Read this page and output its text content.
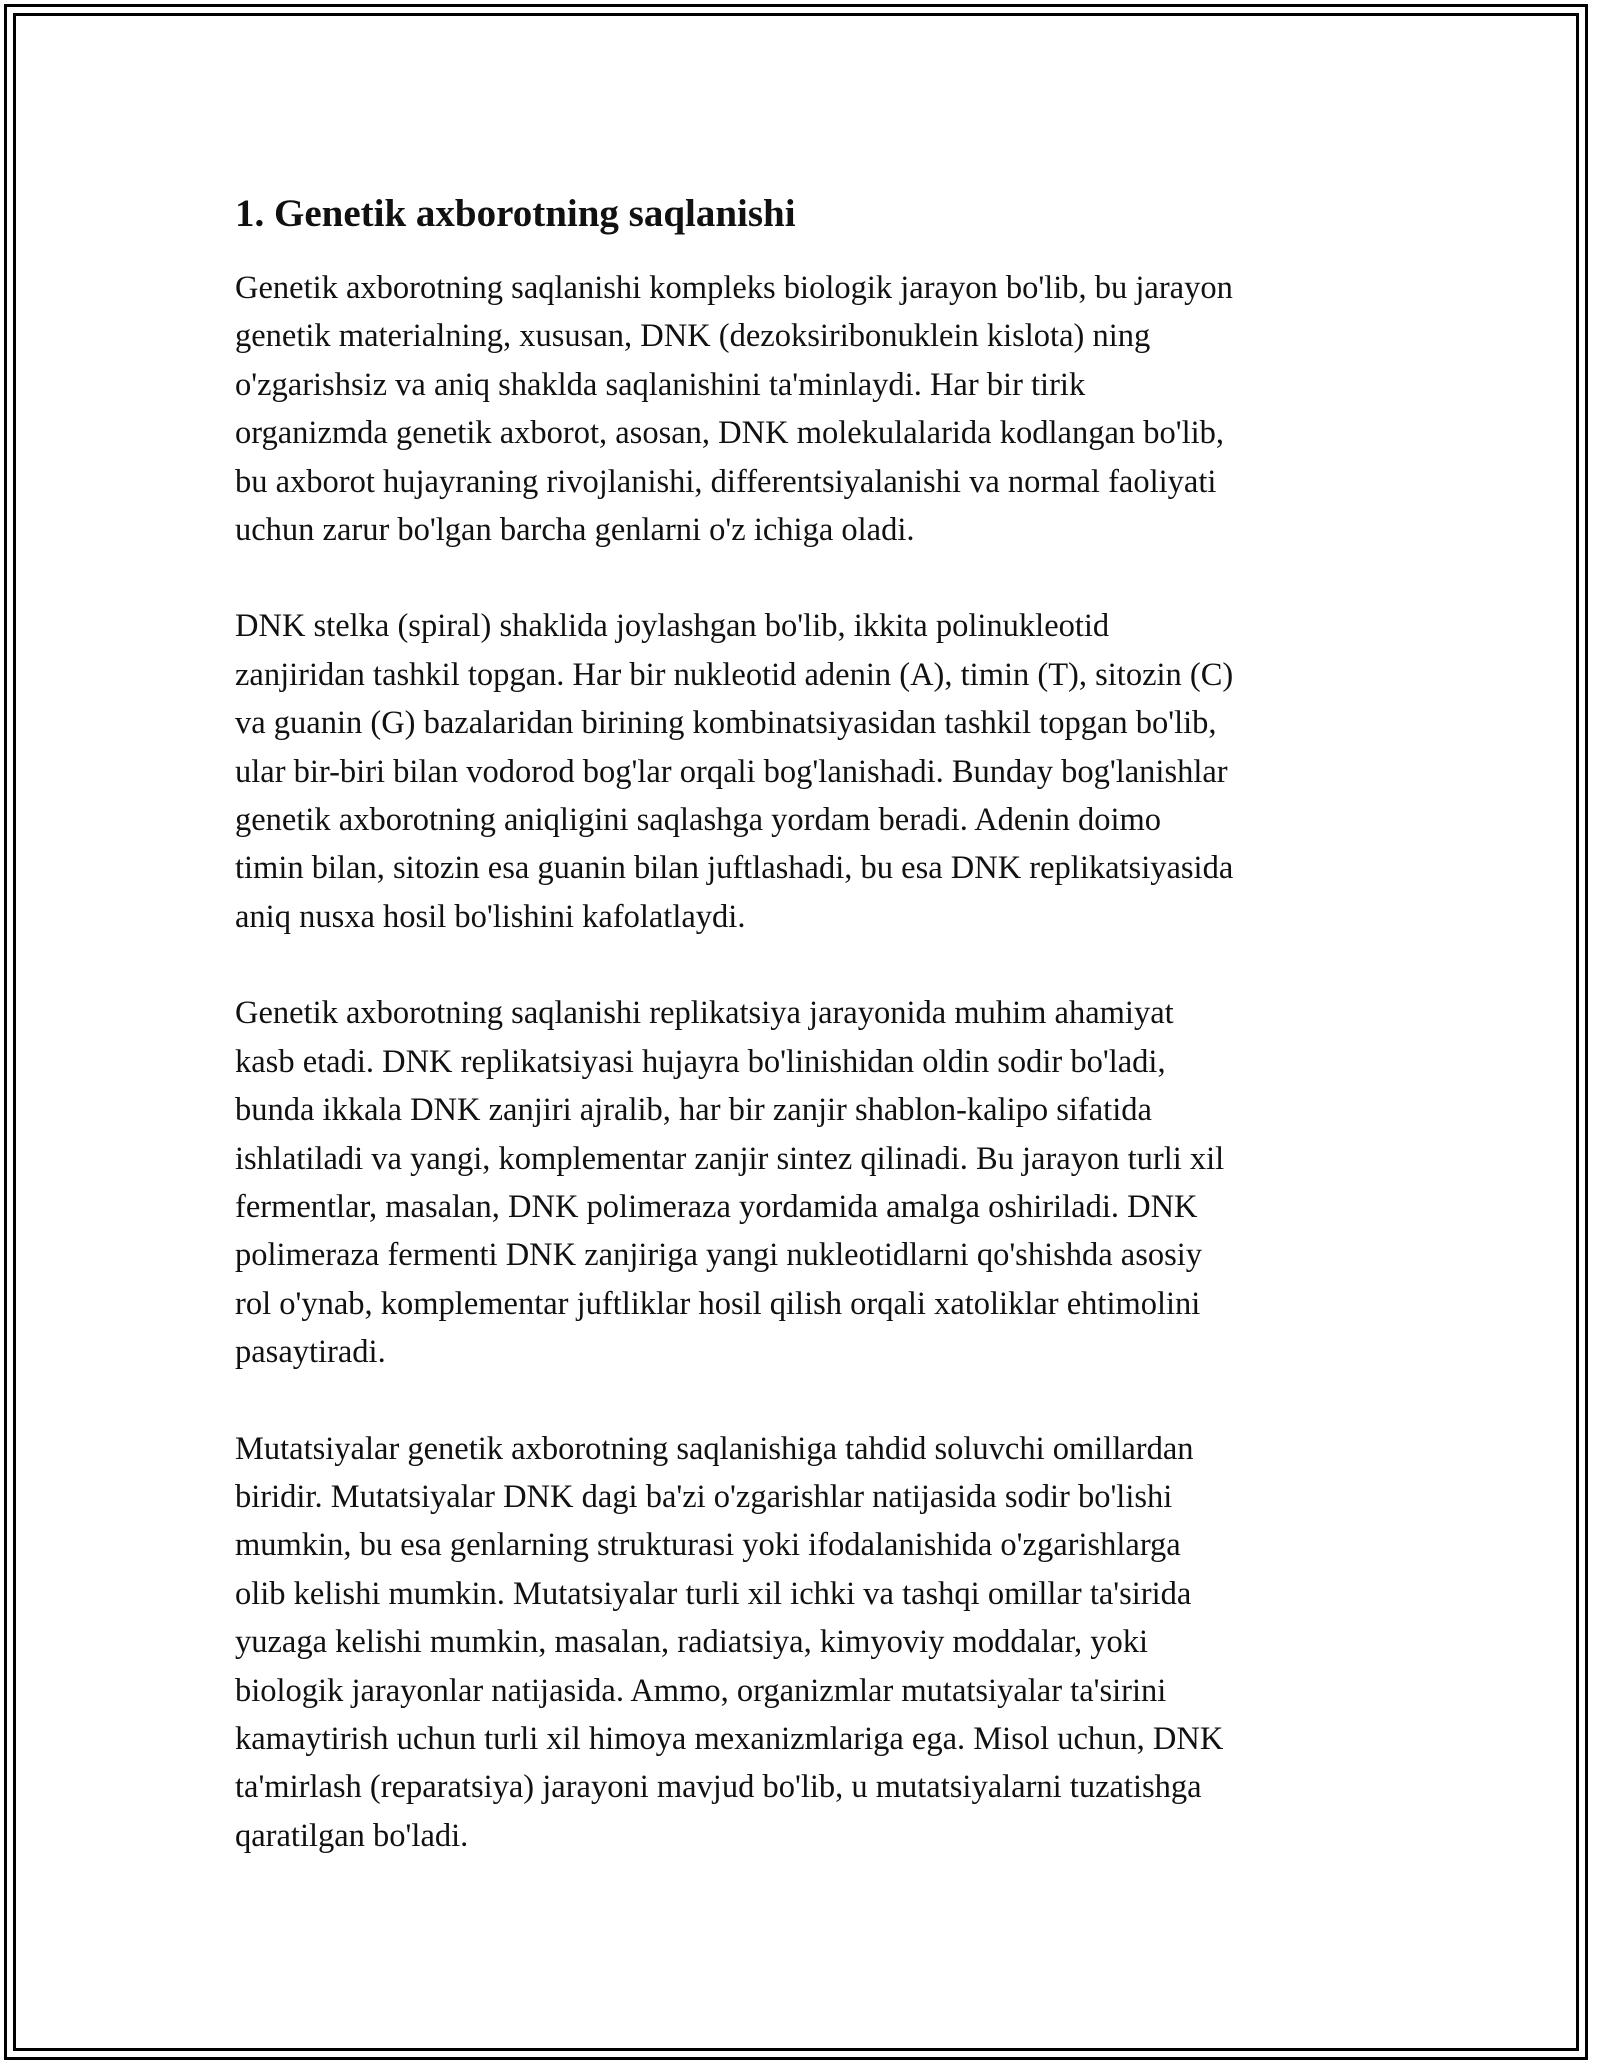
1. Genetik axborotning saqlanishi

Genetik axborotning saqlanishi kompleks biologik jarayon bo'lib, bu jarayon
genetik materialning, xususan, DNK (dezoksiribonuklein kislota) ning
o'zgarishsiz va aniq shaklda saqlanishini ta'minlaydi. Har bir tirik
organizmda genetik axborot, asosan, DNK molekulalarida kodlangan bo'lib,
bu axborot hujayraning rivojlanishi, differentsiyalanishi va normal faoliyati
uchun zarur bo'lgan barcha genlarni o'z ichiga oladi.

DNK stelka (spiral) shaklida joylashgan bo'lib, ikkita polinukleotid
zanjiridan tashkil topgan. Har bir nukleotid adenin (A), timin (T), sitozin (C)
va guanin (G) bazalaridan birining kombinatsiyasidan tashkil topgan bo'lib,
ular bir-biri bilan vodorod bog'lar orqali bog'lanishadi. Bunday bog'lanishlar
genetik axborotning aniqligini saqlashga yordam beradi. Adenin doimo
timin bilan, sitozin esa guanin bilan juftlashadi, bu esa DNK replikatsiyasida
aniq nusxa hosil bo'lishini kafolatlaydi.

Genetik axborotning saqlanishi replikatsiya jarayonida muhim ahamiyat
kasb etadi. DNK replikatsiyasi hujayra bo'linishidan oldin sodir bo'ladi,
bunda ikkala DNK zanjiri ajralib, har bir zanjir shablon-kalipo sifatida
ishlatiladi va yangi, komplementar zanjir sintez qilinadi. Bu jarayon turli xil
fermentlar, masalan, DNK polimeraza yordamida amalga oshiriladi. DNK
polimeraza fermenti DNK zanjiriga yangi nukleotidlarni qo'shishda asosiy
rol o'ynab, komplementar juftliklar hosil qilish orqali xatoliklar ehtimolini
pasaytiradi.

Mutatsiyalar genetik axborotning saqlanishiga tahdid soluvchi omillardan
biridir. Mutatsiyalar DNK dagi ba'zi o'zgarishlar natijasida sodir bo'lishi
mumkin, bu esa genlarning strukturasi yoki ifodalanishida o'zgarishlarga
olib kelishi mumkin. Mutatsiyalar turli xil ichki va tashqi omillar ta'sirida
yuzaga kelishi mumkin, masalan, radiatsiya, kimyoviy moddalar, yoki
biologik jarayonlar natijasida. Ammo, organizmlar mutatsiyalar ta'sirini
kamaytirish uchun turli xil himoya mexanizmlariga ega. Misol uchun, DNK
ta'mirlash (reparatsiya) jarayoni mavjud bo'lib, u mutatsiyalarni tuzatishga
qaratilgan bo'ladi.
